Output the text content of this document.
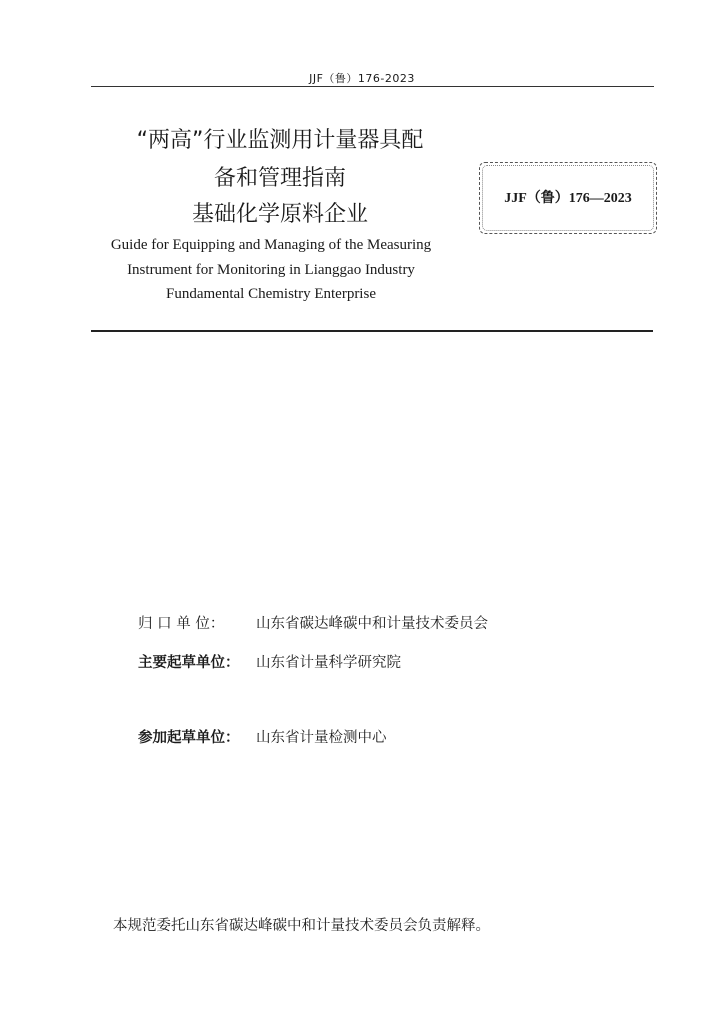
JJF（鲁）176-2023
“两高”行业监测用计量器具配
备和管理指南
基础化学原料企业
Guide for Equipping and Managing of the Measuring
Instrument for Monitoring in Lianggao Industry
Fundamental Chemistry Enterprise
JJF（鲁）176—2023
归 口 单 位： 山东省碳达峰碳中和计量技术委员会
主要起草单位： 山东省计量科学研究院
参加起草单位： 山东省计量检测中心
本规范委托山东省碳达峰碳中和计量技术委员会负责解释。
